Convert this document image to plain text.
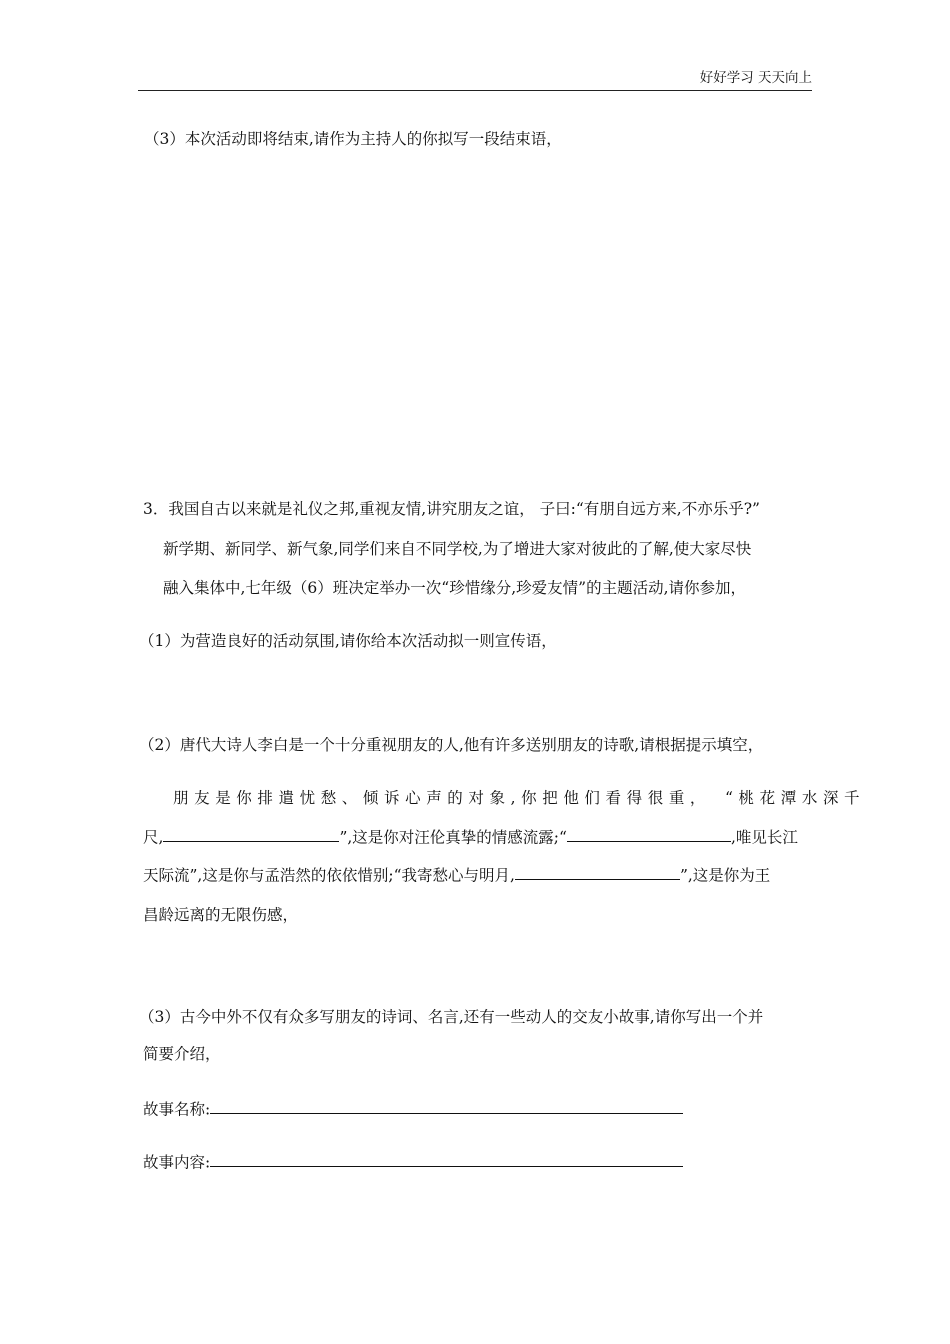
好好学习 天天向上
（3）本次活动即将结束,请作为主持人的你拟写一段结束语，
3．我国自古以来就是礼仪之邦,重视友情,讲究朋友之谊， 子曰:“有朋自远方来,不亦乐乎?”
新学期、新同学、新气象,同学们来自不同学校,为了增进大家对彼此的了解,使大家尽快
融入集体中,七年级（6）班决定举办一次“珍惜缘分,珍爱友情”的主题活动,请你参加，
（1）为营造良好的活动氛围,请你给本次活动拟一则宣传语，
（2）唐代大诗人李白是一个十分重视朋友的人,他有许多送别朋友的诗歌,请根据提示填空，
朋友是你排遣忧愁、倾诉心声的对象,你把他们看得很重， “桃花潭水深千
尺,	”,这是你对汪伦真挚的情感流露;“	,唯见长江
天际流”,这是你与孟浩然的依依惜别;“我寄愁心与明月,	”,这是你为王
昌龄远离的无限伤感，
（3）古今中外不仅有众多写朋友的诗词、名言,还有一些动人的交友小故事,请你写出一个并
简要介绍，
故事名称:
故事内容:
